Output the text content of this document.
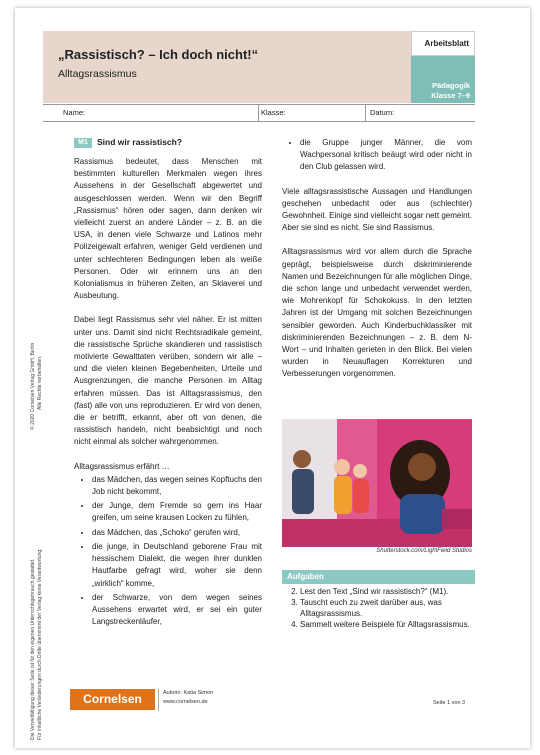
„Rassistisch? – Ich doch nicht!“
Alltagsrassismus
Arbeitsblatt
Pädagogik
Klasse 7–9
Name:	Klasse:	Datum:
M1	Sind wir rassistisch?

Rassismus bedeutet, dass Menschen mit bestimmten kulturellen Merkmalen wegen ihres Aussehens in der Gesellschaft abgewertet und ausgeschlossen werden. Wenn wir den Begriff „Rassismus“ hören oder sagen, dann denken wir vielleicht zuerst an andere Länder – z. B. an die USA, in denen viele Schwarze und Latinos mehr Polizeigewalt erfahren, weniger Geld verdienen und unter schlechteren Bedingungen leben als weiße Personen. Oder wir erinnern uns an den Kolonialismus in früheren Zeiten, an Sklaverei und Ausbeutung.

Dabei liegt Rassismus sehr viel näher. Er ist mitten unter uns. Damit sind nicht Rechtsradikale gemeint, die rassistische Sprüche skandieren und rassistisch motivierte Gewalttaten verüben, sondern wir alle – und die vielen kleinen Begebenheiten, Urteile und Ausgrenzungen, die manche Personen im Alltag erfahren müssen. Das ist Alltagsrassismus, den (fast) alle von uns reproduzieren. Er wird von denen, die er betrifft, erkannt, aber oft von denen, die rassistisch handeln, nicht beabsichtigt und noch nicht einmal als solcher wahrgenommen.

Alltagsrassismus erfährt …
• das Mädchen, das wegen seines Kopftuchs den Job nicht bekommt,
• der Junge, dem Fremde so gern ins Haar greifen, um seine krausen Locken zu fühlen,
• das Mädchen, das „Schoko“ gerufen wird,
• die junge, in Deutschland geborene Frau mit hessischem Dialekt, die wegen ihrer dunklen Hautfarbe gefragt wird, woher sie denn „wirklich“ komme,
• der Schwarze, von dem wegen seines Aussehens erwartet wird, er sei ein guter Langstreckenläufer,
• die Gruppe junger Männer, die vom Wachpersonal kritisch beäugt wird oder nicht in den Club gelassen wird.

Viele alltagsrassistische Aussagen und Handlungen geschehen unbedacht oder aus (schlechter) Gewohnheit. Einige sind vielleicht sogar nett gemeint. Aber sie sind es nicht. Sie sind Rassismus.

Alltagsrassismus wird vor allem durch die Sprache geprägt, beispielsweise durch diskriminierende Namen und Bezeichnungen für alle möglichen Dinge, die schon lange und unbedacht verwendet werden, wie Mohrenkopf für Schokokuss. In den letzten Jahren ist der Umgang mit solchen Bezeichnungen sensibler geworden. Auch Kinderbuchklassiker mit diskriminierenden Bezeichnungen – z. B. dem N-Wort – und Inhalten gerieten in den Blick. Bei vielen wurden in Neuauflagen Korrekturen und Verbesserungen vorgenommen.

Shutterstock.com/LightField Studios
Aufgaben
2. Lest den Text „Sind wir rassistisch?“ (M1).
3. Tauscht euch zu zweit darüber aus, was Alltagsrassismus.
4. Sammelt weitere Beispiele für Alltagsrassismus.
© 2020 Cornelsen Verlag GmbH, Berlin Alle Rechte vorbehalten.
Die Vervielfältigung dieser Seite ist für den eigenen Unterrichtsgebrauch gestattet. Für inhaltliche Veränderungen durch Dritte übernimmt der Verlag keine Verantwortung.	Cornelsen	Autorin: Katia Simon
www.cornelsen.de	Seite 1 von 3
